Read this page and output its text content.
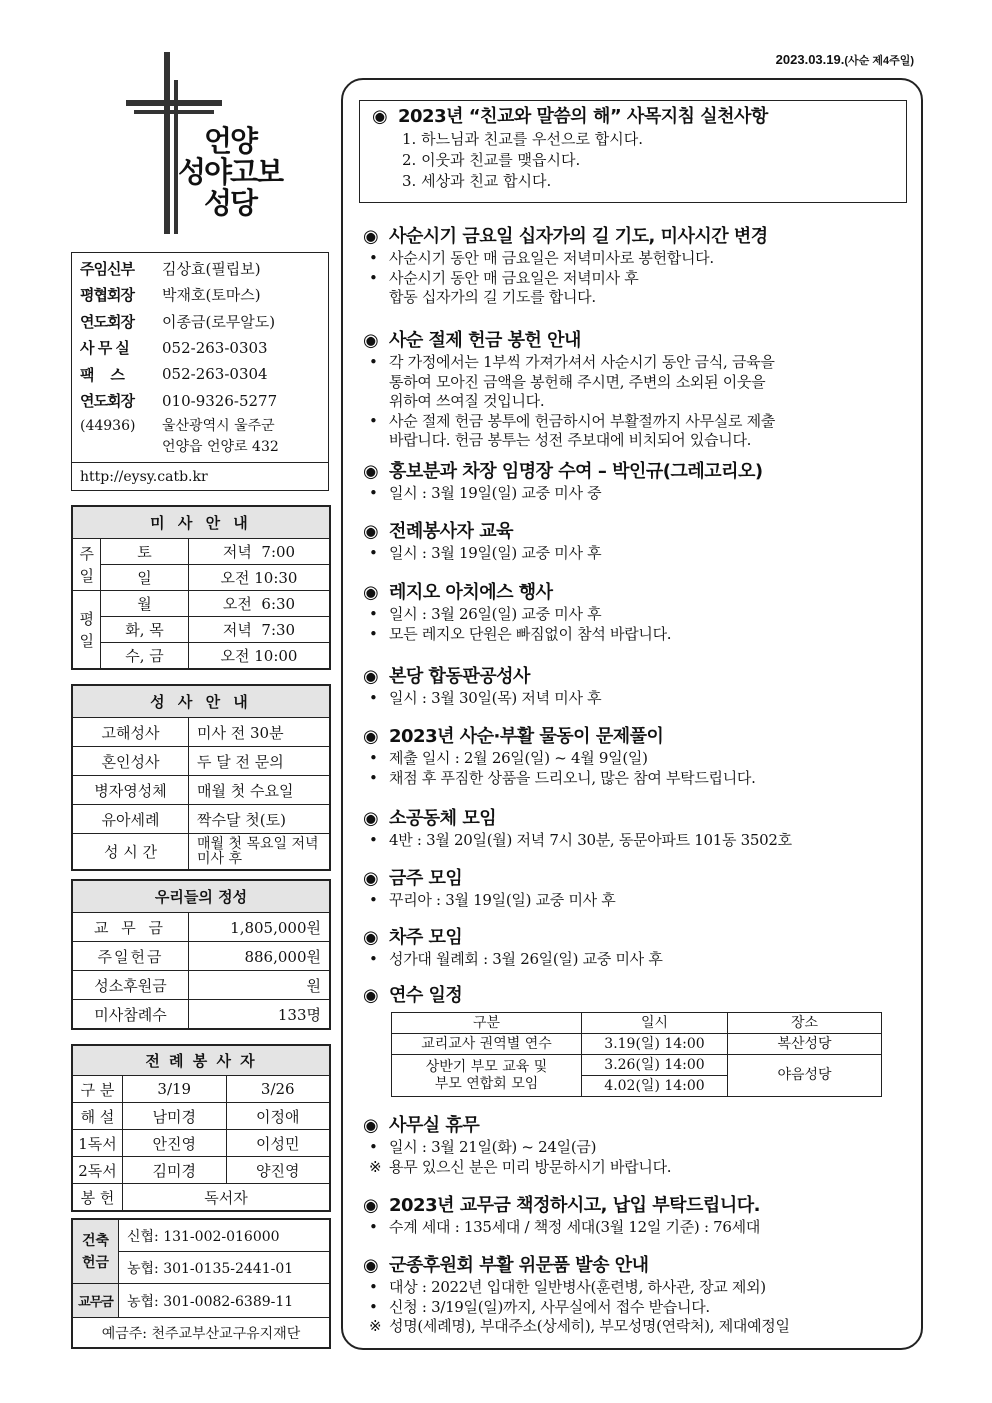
2023.03.19.(사순 제4주일)
언양
성야고보
성당
주임신부	김상효(필립보)
평협회장	박재호(토마스)
연도회장	이종금(로무알도)
사 무 실	052-263-0303
팩    스	052-263-0304
연도회장	010-9326-5277
(44936)	울산광역시 울주군
언양읍 언양로 432
http://eysy.catb.kr
미 사 안 내		
주일	토	저녁  7:00
	일	오전 10:30
평일	월	오전  6:30
	화, 목	저녁  7:30
	수, 금	오전 10:00
성 사 안 내	
고해성사	미사 전 30분
혼인성사	두 달 전 문의
병자영성체	매월 첫 수요일
유아세례	짝수달 첫(토)
성 시 간	매월 첫 목요일 저녁미사 후
우리들의 정성	
교 무 금	1,805,000원
주일헌금	886,000원
성소후원금	원
미사참례수	133명
전 례 봉 사 자		
구 분	3/19	3/26
해 설	남미경	이정애
1독서	안진영	이성민
2독서	김미경	양진영
봉 헌	독서자	
건축헌금	신협: 131-002-016000
	농협: 301-0135-2441-01
교무금	농협: 301-0082-6389-11
예금주: 천주교부산교구유지재단	
◉ 2023년 “친교와 말씀의 해” 사목지침 실천사항
1. 하느님과 친교를 우선으로 합시다.
2. 이웃과 친교를 맺읍시다.
3. 세상과 친교 합시다.
◉ 사순시기 금요일 십자가의 길 기도, 미사시간 변경
• 사순시기 동안 매 금요일은 저녁미사로 봉헌합니다.
• 사순시기 동안 매 금요일은 저녁미사 후
합동 십자가의 길 기도를 합니다.
◉ 사순 절제 헌금 봉헌 안내
• 각 가정에서는 1부씩 가져가셔서 사순시기 동안 금식, 금육을
통하여 모아진 금액을 봉헌해 주시면, 주변의 소외된 이웃을
위하여 쓰여질 것입니다.
• 사순 절제 헌금 봉투에 헌금하시어 부활절까지 사무실로 제출
바랍니다. 헌금 봉투는 성전 주보대에 비치되어 있습니다.
◉ 홍보분과 차장 임명장 수여 – 박인규(그레고리오)
• 일시 : 3월 19일(일) 교중 미사 중
◉ 전례봉사자 교육
• 일시 : 3월 19일(일) 교중 미사 후
◉ 레지오 아치에스 행사
• 일시 : 3월 26일(일) 교중 미사 후
• 모든 레지오 단원은 빠짐없이 참석 바랍니다.
◉ 본당 합동판공성사
• 일시 : 3월 30일(목) 저녁 미사 후
◉ 2023년 사순·부활 물동이 문제풀이
• 제출 일시 : 2월 26일(일) ~ 4월 9일(일)
• 채점 후 푸짐한 상품을 드리오니, 많은 참여 부탁드립니다.
◉ 소공동체 모임
• 4반 : 3월 20일(월) 저녁 7시 30분, 동문아파트 101동 3502호
◉ 금주 모임
• 꾸리아 : 3월 19일(일) 교중 미사 후
◉ 차주 모임
• 성가대 월례회 : 3월 26일(일) 교중 미사 후
◉ 연수 일정
구분	일시	장소
교리교사 권역별 연수	3.19(일) 14:00	복산성당

상반기 부모 교육 및
부모 연합회 모임	3.26(일) 14:00	야음성당
	4.02(일) 14:00	
◉ 사무실 휴무
• 일시 : 3월 21일(화) ~ 24일(금)
※ 용무 있으신 분은 미리 방문하시기 바랍니다.
◉ 2023년 교무금 책정하시고, 납입 부탁드립니다.
• 수계 세대 : 135세대 / 책정 세대(3월 12일 기준) : 76세대
◉ 군종후원회 부활 위문품 발송 안내
• 대상 : 2022년 입대한 일반병사(훈련병, 하사관, 장교 제외)
• 신청 : 3/19일(일)까지, 사무실에서 접수 받습니다.
※ 성명(세례명), 부대주소(상세히), 부모성명(연락처), 제대예정일
